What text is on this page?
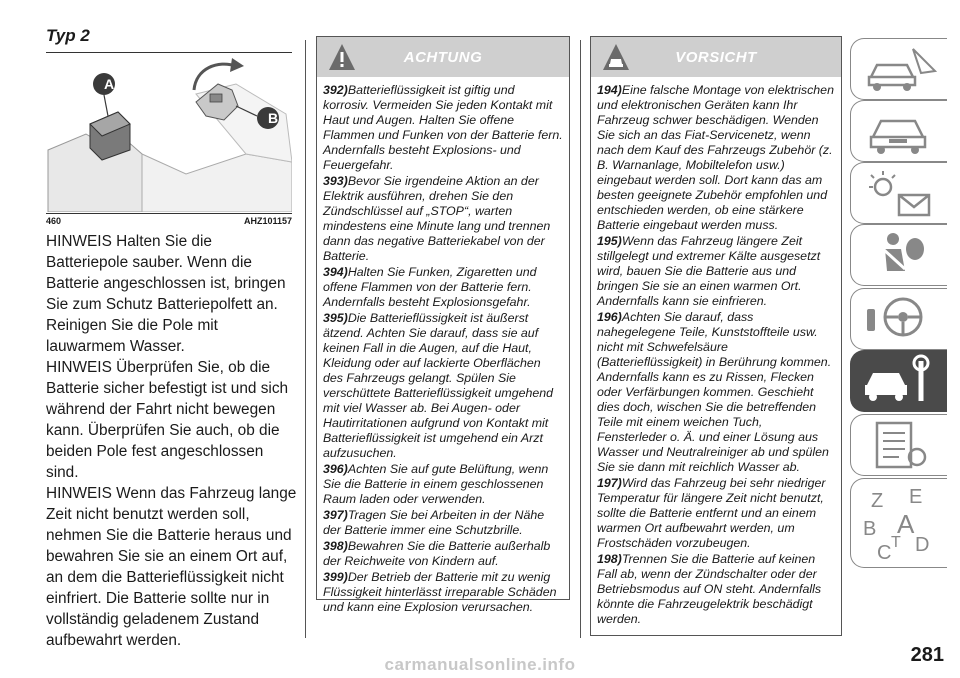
Typ 2
A
B
460	AHZ101157

HINWEIS Halten Sie die Batteriepole sauber. Wenn die Batterie angeschlossen ist, bringen Sie zum Schutz Batteriepolfett an. Reinigen Sie die Pole mit lauwarmem Wasser.

HINWEIS Überprüfen Sie, ob die Batterie sicher befestigt ist und sich während der Fahrt nicht bewegen kann. Überprüfen Sie auch, ob die beiden Pole fest angeschlossen sind.

HINWEIS Wenn das Fahrzeug lange Zeit nicht benutzt werden soll, nehmen Sie die Batterie heraus und bewahren Sie sie an einem Ort auf, an dem die Batterieflüssigkeit nicht einfriert. Die Batterie sollte nur in vollständig geladenem Zustand aufbewahrt werden.

ACHTUNG

392)Batterieflüssigkeit ist giftig und korrosiv. Vermeiden Sie jeden Kontakt mit Haut und Augen. Halten Sie offene Flammen und Funken von der Batterie fern. Andernfalls besteht Explosions- und Feuergefahr.

393)Bevor Sie irgendeine Aktion an der Elektrik ausführen, drehen Sie den Zündschlüssel auf „STOP“, warten mindestens eine Minute lang und trennen dann das negative Batteriekabel von der Batterie.

394)Halten Sie Funken, Zigaretten und offene Flammen von der Batterie fern. Andernfalls besteht Explosionsgefahr.

395)Die Batterieflüssigkeit ist äußerst ätzend. Achten Sie darauf, dass sie auf keinen Fall in die Augen, auf die Haut, Kleidung oder auf lackierte Oberflächen des Fahrzeugs gelangt. Spülen Sie verschüttete Batterieflüssigkeit umgehend mit viel Wasser ab. Bei Augen- oder Hautirritationen aufgrund von Kontakt mit Batterieflüssigkeit ist umgehend ein Arzt aufzusuchen.

396)Achten Sie auf gute Belüftung, wenn Sie die Batterie in einem geschlossenen Raum laden oder verwenden.

397)Tragen Sie bei Arbeiten in der Nähe der Batterie immer eine Schutzbrille.

398)Bewahren Sie die Batterie außerhalb der Reichweite von Kindern auf.

399)Der Betrieb der Batterie mit zu wenig Flüssigkeit hinterlässt irreparable Schäden und kann eine Explosion verursachen.

VORSICHT

194)Eine falsche Montage von elektrischen und elektronischen Geräten kann Ihr Fahrzeug schwer beschädigen. Wenden Sie sich an das Fiat-Servicenetz, wenn nach dem Kauf des Fahrzeugs Zubehör (z. B. Warnanlage, Mobiltelefon usw.) eingebaut werden soll. Dort kann das am besten geeignete Zubehör empfohlen und entschieden werden, ob eine stärkere Batterie eingebaut werden muss.

195)Wenn das Fahrzeug längere Zeit stillgelegt und extremer Kälte ausgesetzt wird, bauen Sie die Batterie aus und bringen Sie sie an einen warmen Ort. Andernfalls kann sie einfrieren.

196)Achten Sie darauf, dass nahegelegene Teile, Kunststoffteile usw. nicht mit Schwefelsäure (Batterieflüssigkeit) in Berührung kommen. Andernfalls kann es zu Rissen, Flecken oder Verfärbungen kommen. Geschieht dies doch, wischen Sie die betreffenden Teile mit einem weichen Tuch, Fensterleder o. Ä. und einer Lösung aus Wasser und Neutralreiniger ab und spülen Sie sie dann mit reichlich Wasser ab.

197)Wird das Fahrzeug bei sehr niedriger Temperatur für längere Zeit nicht benutzt, sollte die Batterie entfernt und an einem warmen Ort aufbewahrt werden, um Frostschäden vorzubeugen.

198)Trennen Sie die Batterie auf keinen Fall ab, wenn der Zündschalter oder der Betriebsmodus auf ON steht. Andernfalls könnte die Fahrzeugelektrik beschädigt werden.

Z E
B A
C T D
281
carmanualsonline.info
